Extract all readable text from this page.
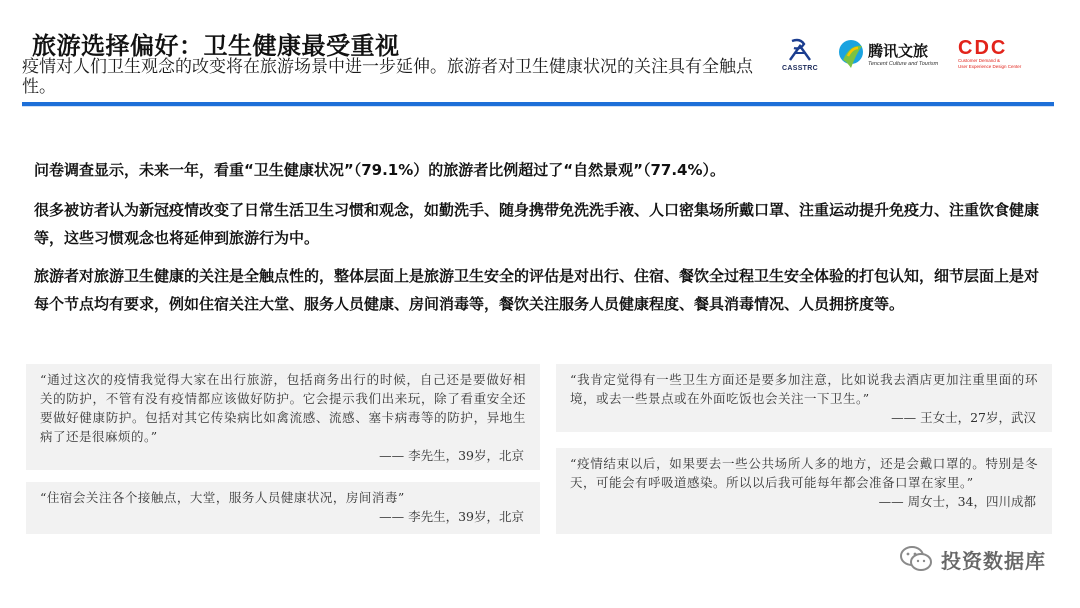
旅游选择偏好：卫生健康最受重视
疫情对人们卫生观念的改变将在旅游场景中进一步延伸。旅游者对卫生健康状况的关注具有全触点性。
CASSTRC
腾讯文旅
Tencent Culture and Tourism
CDC
Customer Demand &
User Experience Design Center
问卷调查显示，未来一年，看重“卫生健康状况”（79.1%）的旅游者比例超过了“自然景观”（77.4%）。
很多被访者认为新冠疫情改变了日常生活卫生习惯和观念，如勤洗手、随身携带免洗洗手液、人口密集场所戴口罩、注重运动提升免疫力、注重饮食健康等，这些习惯观念也将延伸到旅游行为中。
旅游者对旅游卫生健康的关注是全触点性的，整体层面上是旅游卫生安全的评估是对出行、住宿、餐饮全过程卫生安全体验的打包认知，细节层面上是对每个节点均有要求，例如住宿关注大堂、服务人员健康、房间消毒等，餐饮关注服务人员健康程度、餐具消毒情况、人员拥挤度等。
“通过这次的疫情我觉得大家在出行旅游，包括商务出行的时候，自己还是要做好相关的防护，不管有没有疫情都应该做好防护。它会提示我们出来玩，除了看重安全还要做好健康防护。包括对其它传染病比如禽流感、流感、塞卡病毒等的防护，异地生病了还是很麻烦的。”
—— 李先生，39岁，北京
“住宿会关注各个接触点，大堂，服务人员健康状况，房间消毒”
—— 李先生，39岁，北京
“我肯定觉得有一些卫生方面还是要多加注意，比如说我去酒店更加注重里面的环境，或去一些景点或在外面吃饭也会关注一下卫生。”
—— 王女士，27岁，武汉
“疫情结束以后，如果要去一些公共场所人多的地方，还是会戴口罩的。特别是冬天，可能会有呼吸道感染。所以以后我可能每年都会准备口罩在家里。”
—— 周女士，34，四川成都
投资数据库
